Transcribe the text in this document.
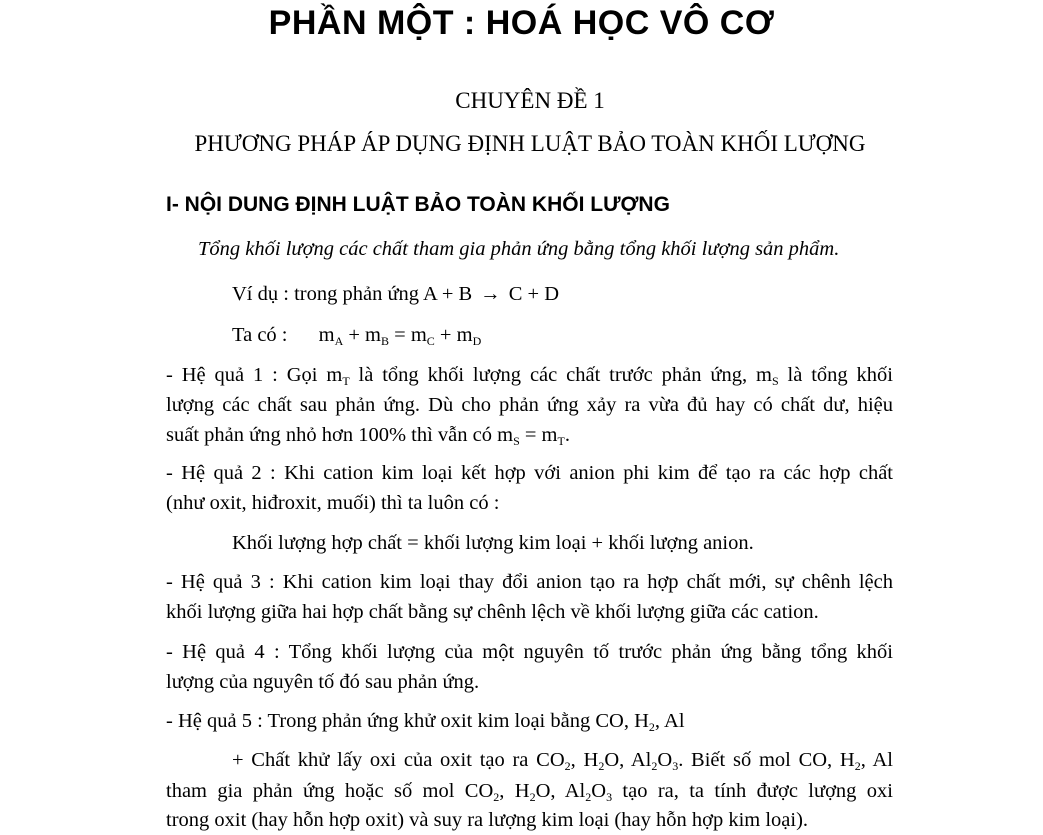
PHẦN MỘT : HOÁ HỌC VÔ CƠ
CHUYÊN ĐỀ 1
PHƯƠNG PHÁP ÁP DỤNG ĐỊNH LUẬT BẢO TOÀN KHỐI LƯỢNG
I- NỘI DUNG ĐỊNH LUẬT BẢO TOÀN KHỐI LƯỢNG
Tổng khối lượng các chất tham gia phản ứng bằng tổng khối lượng sản phẩm.
Ví dụ : trong phản ứng A + B → C + D
Ta có : $m_A + m_B = m_C + m_D$
- Hệ quả 1 : Gọi $m_T$ là tổng khối lượng các chất trước phản ứng, $m_S$ là tổng khối
lượng các chất sau phản ứng. Dù cho phản ứng xảy ra vừa đủ hay có chất dư, hiệu
suất phản ứng nhỏ hơn 100% thì vẫn có $m_S = m_T$.
- Hệ quả 2 : Khi cation kim loại kết hợp với anion phi kim để tạo ra các hợp chất
(như oxit, hiđroxit, muối) thì ta luôn có :
Khối lượng hợp chất = khối lượng kim loại + khối lượng anion.
- Hệ quả 3 : Khi cation kim loại thay đổi anion tạo ra hợp chất mới, sự chênh lệch
khối lượng giữa hai hợp chất bằng sự chênh lệch về khối lượng giữa các cation.
- Hệ quả 4 : Tổng khối lượng của một nguyên tố trước phản ứng bằng tổng khối
lượng của nguyên tố đó sau phản ứng.
- Hệ quả 5 : Trong phản ứng khử oxit kim loại bằng CO, $H_2$, Al
+ Chất khử lấy oxi của oxit tạo ra $CO_2$, $H_2O$, $Al_2O_3$. Biết số mol CO, $H_2$, Al
tham gia phản ứng hoặc số mol $CO_2$, $H_2O$, $Al_2O_3$ tạo ra, ta tính được lượng oxi
trong oxit (hay hỗn hợp oxit) và suy ra lượng kim loại (hay hỗn hợp kim loại).
